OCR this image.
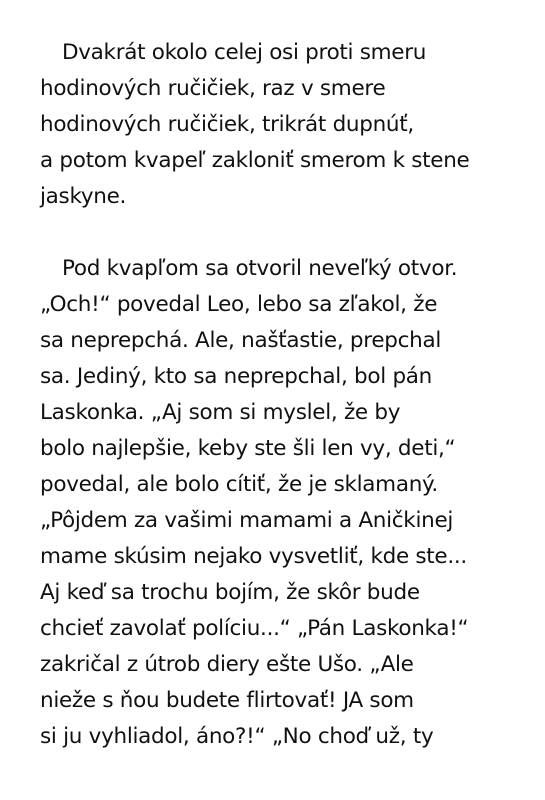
Dvakrát okolo celej osi proti smeru
hodinových ručičiek, raz v smere
hodinových ručičiek, trikrát dupnúť,
a potom kvapeľ zakloniť smerom k stene
jaskyne.
Pod kvapľom sa otvoril neveľký otvor.
„Och!“ povedal Leo, lebo sa zľakol, že
sa neprepchá. Ale, našťastie, prepchal
sa. Jediný, kto sa neprepchal, bol pán
Laskonka. „Aj som si myslel, že by
bolo najlepšie, keby ste šli len vy, deti,“
povedal, ale bolo cítiť, že je sklamaný.
„Pôjdem za vašimi mamami a Aničkinej
mame skúsim nejako vysvetliť, kde ste...
Aj keď sa trochu bojím, že skôr bude
chcieť zavolať políciu...“ „Pán Laskonka!“
zakričal z útrob diery ešte Ušo. „Ale
nieže s ňou budete flirtovať! JA som
si ju vyhliadol, áno?!“ „No choď už, ty
